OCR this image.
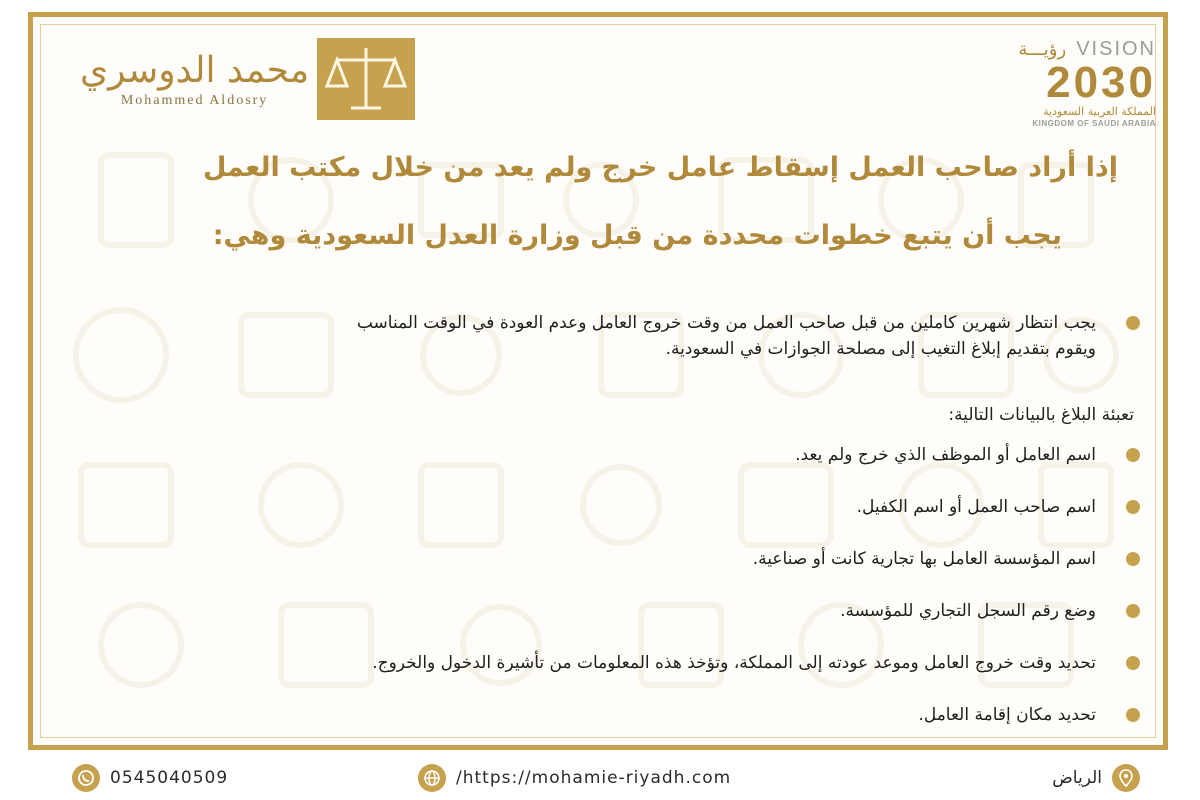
محمد الدوسري
Mohammed Aldosry
رؤيـــة VISION
2030
المملكة العربية السعودية
KINGDOM OF SAUDI ARABIA
إذا أراد صاحب العمل إسقاط عامل خرج ولم يعد من خلال مكتب العمل
يجب أن يتبع خطوات محددة من قبل وزارة العدل السعودية وهي:
يجب انتظار شهرين كاملين من قبل صاحب العمل من وقت خروج العامل وعدم العودة في الوقت المناسب
ويقوم بتقديم إبلاغ التغيب إلى مصلحة الجوازات في السعودية.
تعبئة البلاغ بالبيانات التالية:
اسم العامل أو الموظف الذي خرج ولم يعد.
اسم صاحب العمل أو اسم الكفيل.
اسم المؤسسة العامل بها تجارية كانت أو صناعية.
وضع رقم السجل التجاري للمؤسسة.
تحديد وقت خروج العامل وموعد عودته إلى المملكة، وتؤخذ هذه المعلومات من تأشيرة الدخول والخروج.
تحديد مكان إقامة العامل.
0545040509	/https://mohamie-riyadh.com	الرياض
